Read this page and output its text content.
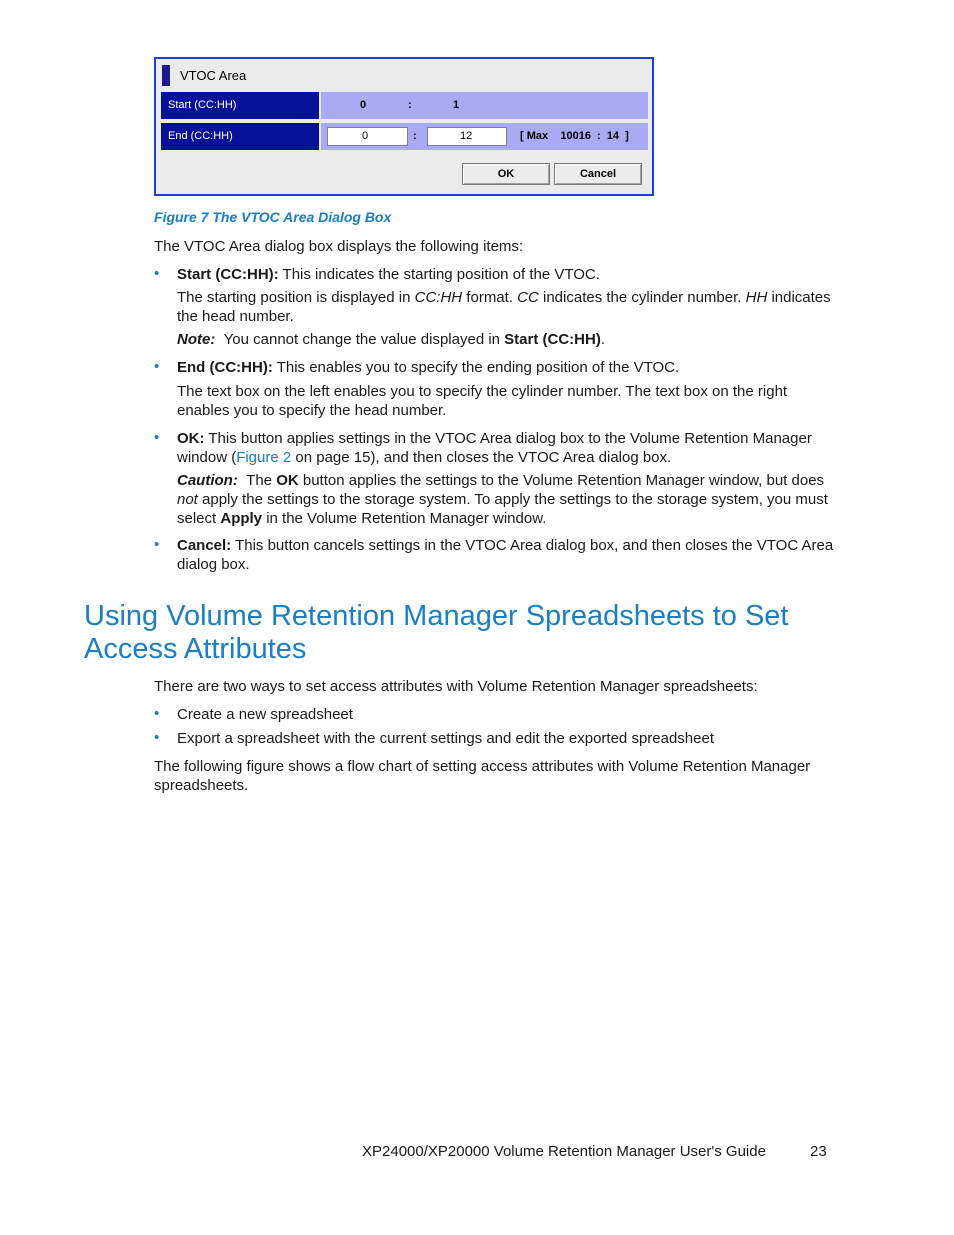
VTOC Area
Start (CC:HH)	0	:	1
End (CC:HH)	0	:	12	[ Max    10016  :  14  ]
OK	Cancel
Figure 7 The VTOC Area Dialog Box
The VTOC Area dialog box displays the following items:
• Start (CC:HH): This indicates the starting position of the VTOC.
The starting position is displayed in CC:HH format. CC indicates the cylinder number. HH indicates the head number.
Note: You cannot change the value displayed in Start (CC:HH).
• End (CC:HH): This enables you to specify the ending position of the VTOC.
The text box on the left enables you to specify the cylinder number. The text box on the right enables you to specify the head number.
• OK: This button applies settings in the VTOC Area dialog box to the Volume Retention Manager window (Figure 2 on page 15), and then closes the VTOC Area dialog box.
Caution: The OK button applies the settings to the Volume Retention Manager window, but does not apply the settings to the storage system. To apply the settings to the storage system, you must select Apply in the Volume Retention Manager window.
• Cancel: This button cancels settings in the VTOC Area dialog box, and then closes the VTOC Area dialog box.
Using Volume Retention Manager Spreadsheets to Set Access Attributes
There are two ways to set access attributes with Volume Retention Manager spreadsheets:
• Create a new spreadsheet
• Export a spreadsheet with the current settings and edit the exported spreadsheet
The following figure shows a flow chart of setting access attributes with Volume Retention Manager spreadsheets.
XP24000/XP20000 Volume Retention Manager User's Guide	23
